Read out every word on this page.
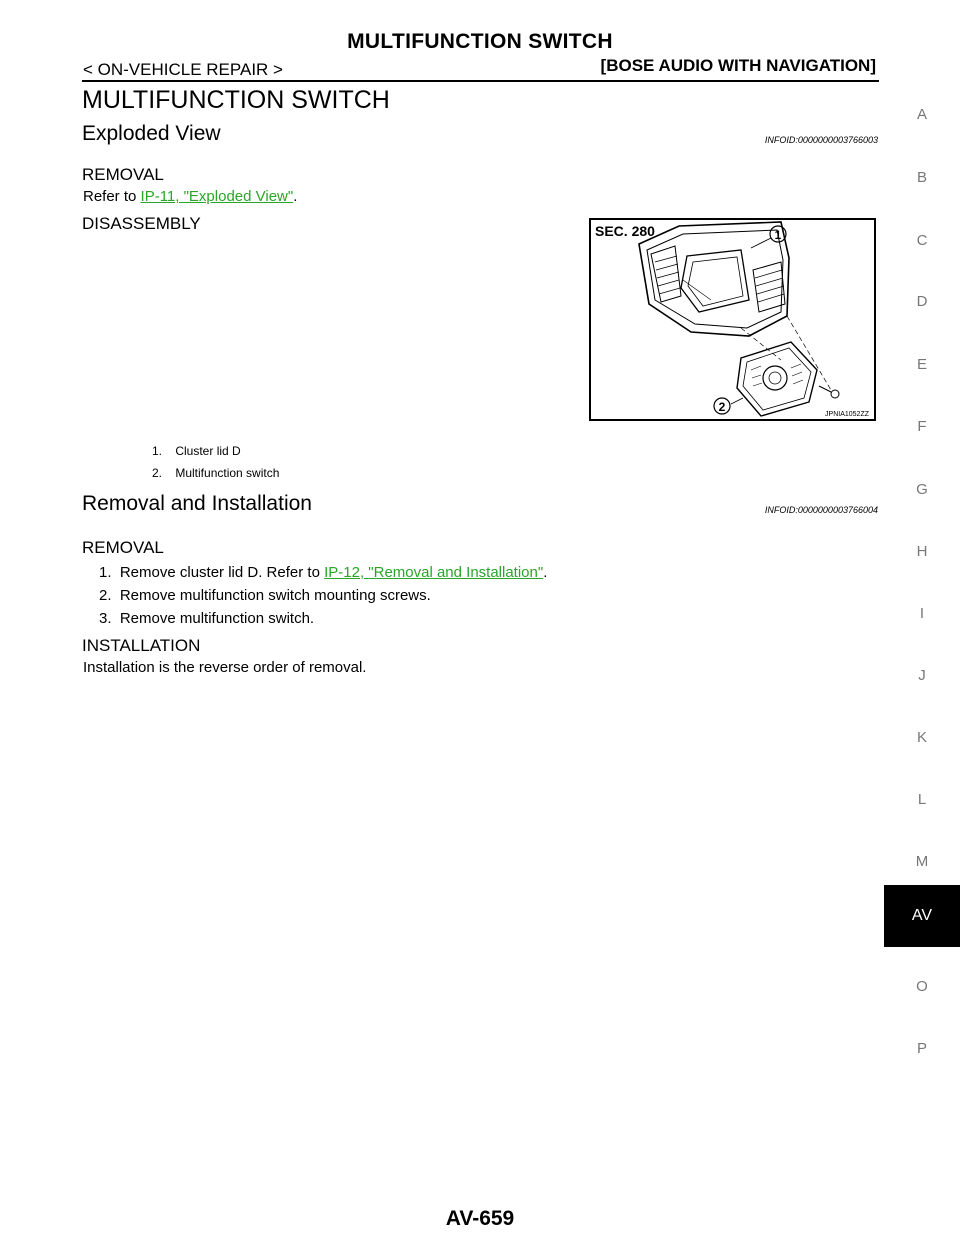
MULTIFUNCTION SWITCH
< ON-VEHICLE REPAIR >	[BOSE AUDIO WITH NAVIGATION]
MULTIFUNCTION SWITCH
Exploded View	INFOID:0000000003766003
REMOVAL
Refer to IP-11, "Exploded View".
DISASSEMBLY	SEC. 280	1
2
JPNIA1052ZZ
1.    Cluster lid D
2.    Multifunction switch
Removal and Installation	INFOID:0000000003766004
REMOVAL
1.  Remove cluster lid D. Refer to IP-12, "Removal and Installation".
2.  Remove multifunction switch mounting screws.
3.  Remove multifunction switch.
INSTALLATION
Installation is the reverse order of removal.
A
B
C
D
E
F
G
H
I
J
K
L
M
AV
O
P
AV-659
